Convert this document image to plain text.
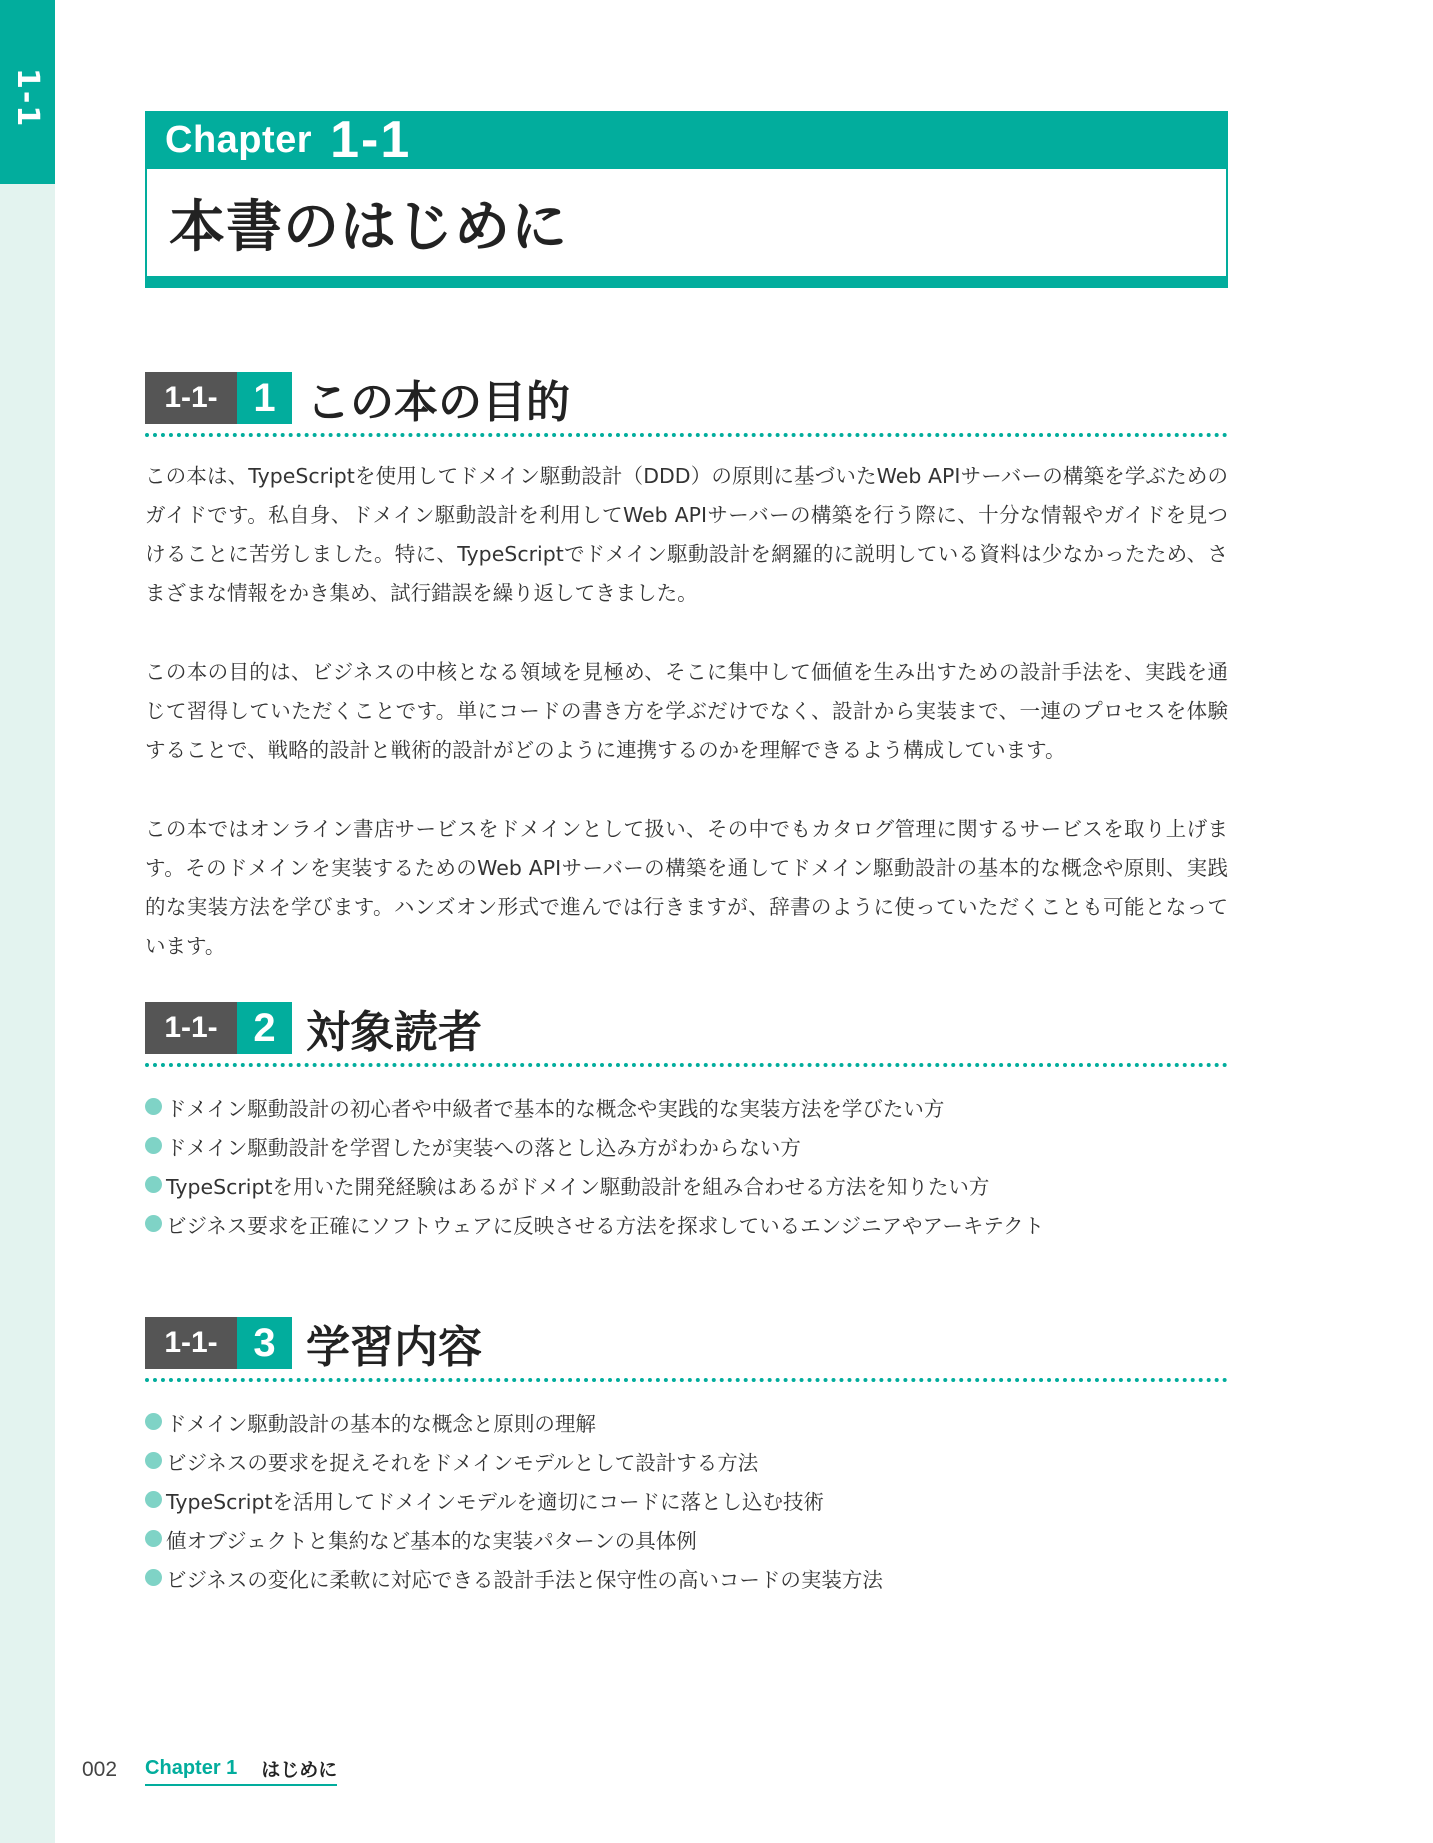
1-1
Chapter 1-1
本書のはじめに
1-1- 1 この本の目的

この本は、TypeScriptを使用してドメイン駆動設計（DDD）の原則に基づいたWeb APIサーバーの構築を学ぶためのガイドです。私自身、ドメイン駆動設計を利用してWeb APIサーバーの構築を行う際に、十分な情報やガイドを見つけることに苦労しました。特に、TypeScriptでドメイン駆動設計を網羅的に説明している資料は少なかったため、さまざまな情報をかき集め、試行錯誤を繰り返してきました。

この本の目的は、ビジネスの中核となる領域を見極め、そこに集中して価値を生み出すための設計手法を、実践を通じて習得していただくことです。単にコードの書き方を学ぶだけでなく、設計から実装まで、一連のプロセスを体験することで、戦略的設計と戦術的設計がどのように連携するのかを理解できるよう構成しています。

この本ではオンライン書店サービスをドメインとして扱い、その中でもカタログ管理に関するサービスを取り上げます。そのドメインを実装するためのWeb APIサーバーの構築を通してドメイン駆動設計の基本的な概念や原則、実践的な実装方法を学びます。ハンズオン形式で進んでは行きますが、辞書のように使っていただくことも可能となっています。

1-1- 2 対象読者
ドメイン駆動設計の初心者や中級者で基本的な概念や実践的な実装方法を学びたい方
ドメイン駆動設計を学習したが実装への落とし込み方がわからない方
TypeScriptを用いた開発経験はあるがドメイン駆動設計を組み合わせる方法を知りたい方
ビジネス要求を正確にソフトウェアに反映させる方法を探求しているエンジニアやアーキテクト
1-1- 3 学習内容
ドメイン駆動設計の基本的な概念と原則の理解
ビジネスの要求を捉えそれをドメインモデルとして設計する方法
TypeScriptを活用してドメインモデルを適切にコードに落とし込む技術
値オブジェクトと集約など基本的な実装パターンの具体例
ビジネスの変化に柔軟に対応できる設計手法と保守性の高いコードの実装方法
002 Chapter 1 はじめに
